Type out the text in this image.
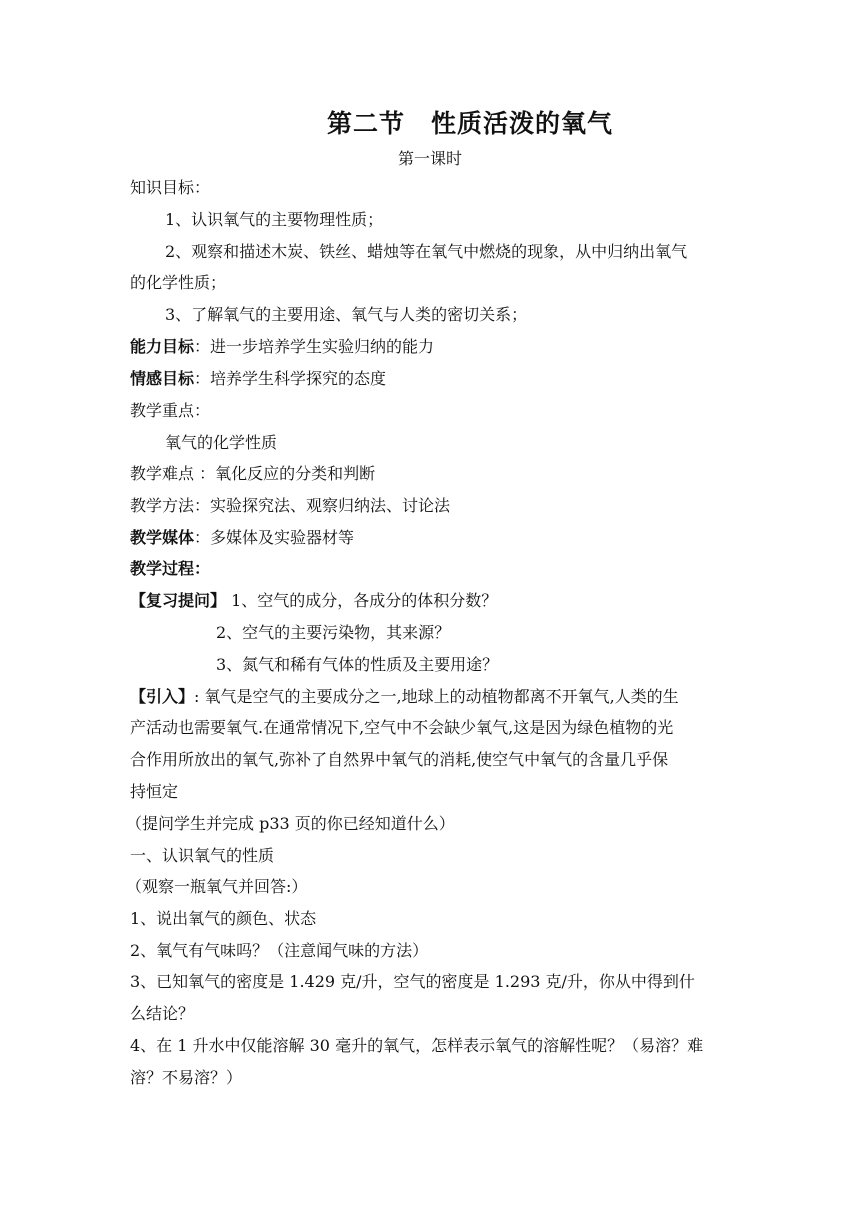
第二节　性质活泼的氧气
第一课时
知识目标：
1、认识氧气的主要物理性质；
2、观察和描述木炭、铁丝、蜡烛等在氧气中燃烧的现象，从中归纳出氧气
的化学性质；
3、了解氧气的主要用途、氧气与人类的密切关系；
能力目标：进一步培养学生实验归纳的能力
情感目标：培养学生科学探究的态度
教学重点：
氧气的化学性质
教学难点 ：氧化反应的分类和判断
教学方法：实验探究法、观察归纳法、讨论法
教学媒体：多媒体及实验器材等
教学过程：
【复习提问】 1、空气的成分，各成分的体积分数？
2、空气的主要污染物，其来源？
3、氮气和稀有气体的性质及主要用途？
【引入】: 氧气是空气的主要成分之一,地球上的动植物都离不开氧气,人类的生
产活动也需要氧气.在通常情况下,空气中不会缺少氧气,这是因为绿色植物的光
合作用所放出的氧气,弥补了自然界中氧气的消耗,使空气中氧气的含量几乎保
持恒定
（提问学生并完成 p33 页的你已经知道什么）
一、认识氧气的性质
（观察一瓶氧气并回答:）
1、说出氧气的颜色、状态
2、氧气有气味吗？（注意闻气味的方法）
3、已知氧气的密度是 1.429 克/升，空气的密度是 1.293 克/升，你从中得到什
么结论？
4、在 1 升水中仅能溶解 30 毫升的氧气，怎样表示氧气的溶解性呢？（易溶？难
溶？不易溶？）
